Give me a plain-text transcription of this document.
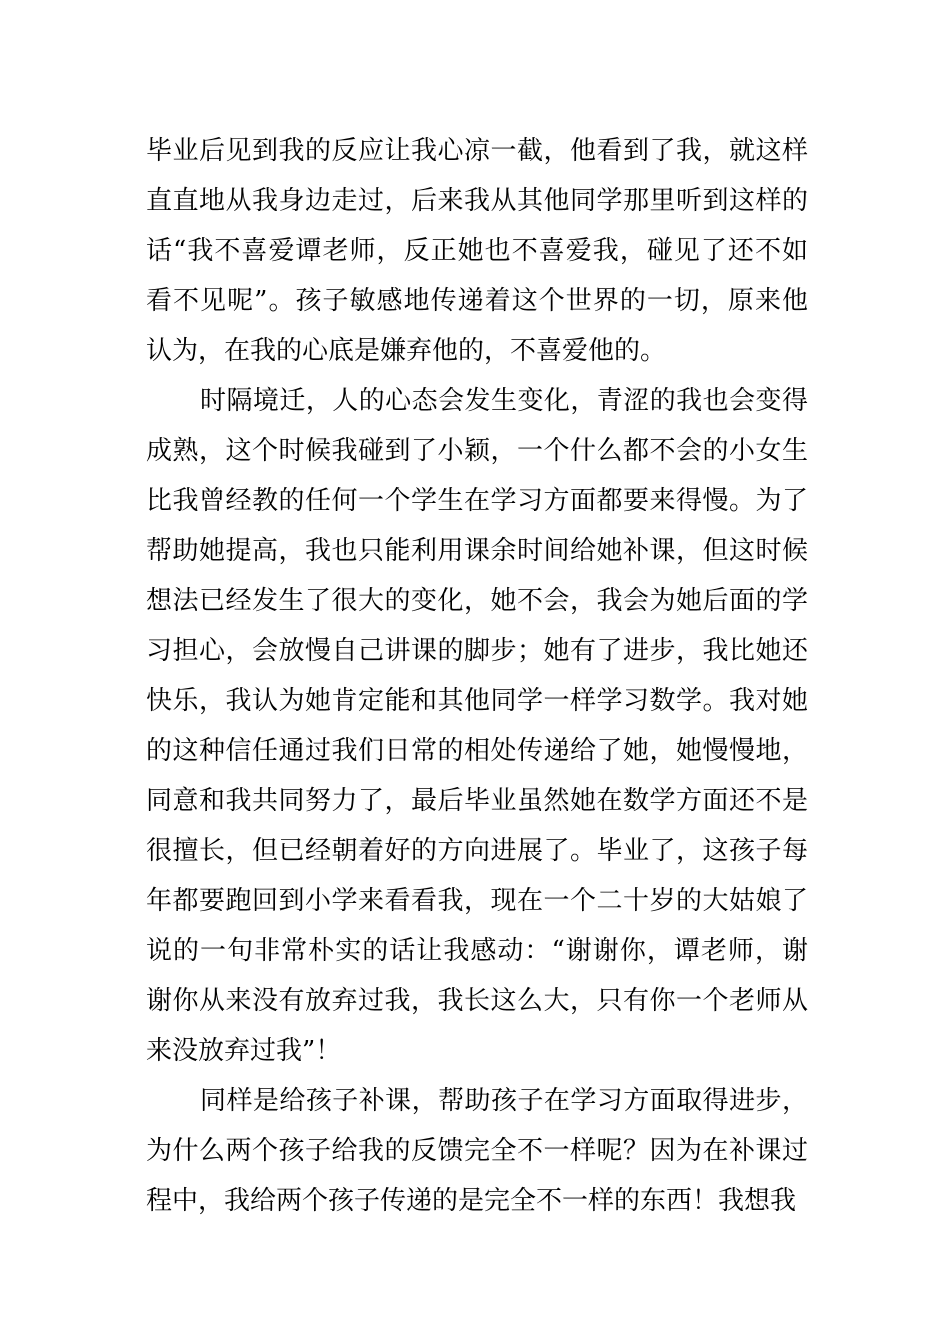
毕业后见到我的反应让我心凉一截，他看到了我，就这样直直地从我身边走过，后来我从其他同学那里听到这样的话“我不喜爱谭老师，反正她也不喜爱我，碰见了还不如看不见呢”。孩子敏感地传递着这个世界的一切，原来他认为，在我的心底是嫌弃他的，不喜爱他的。

时隔境迁，人的心态会发生变化，青涩的我也会变得成熟，这个时候我碰到了小颖，一个什么都不会的小女生比我曾经教的任何一个学生在学习方面都要来得慢。为了帮助她提高，我也只能利用课余时间给她补课，但这时候想法已经发生了很大的变化，她不会，我会为她后面的学习担心，会放慢自己讲课的脚步；她有了进步，我比她还快乐，我认为她肯定能和其他同学一样学习数学。我对她的这种信任通过我们日常的相处传递给了她，她慢慢地，同意和我共同努力了，最后毕业虽然她在数学方面还不是很擅长，但已经朝着好的方向进展了。毕业了，这孩子每年都要跑回到小学来看看我，现在一个二十岁的大姑娘了说的一句非常朴实的话让我感动：“谢谢你，谭老师，谢谢你从来没有放弃过我，我长这么大，只有你一个老师从来没放弃过我”！

同样是给孩子补课，帮助孩子在学习方面取得进步，为什么两个孩子给我的反馈完全不一样呢？因为在补课过程中，我给两个孩子传递的是完全不一样的东西！我想我
